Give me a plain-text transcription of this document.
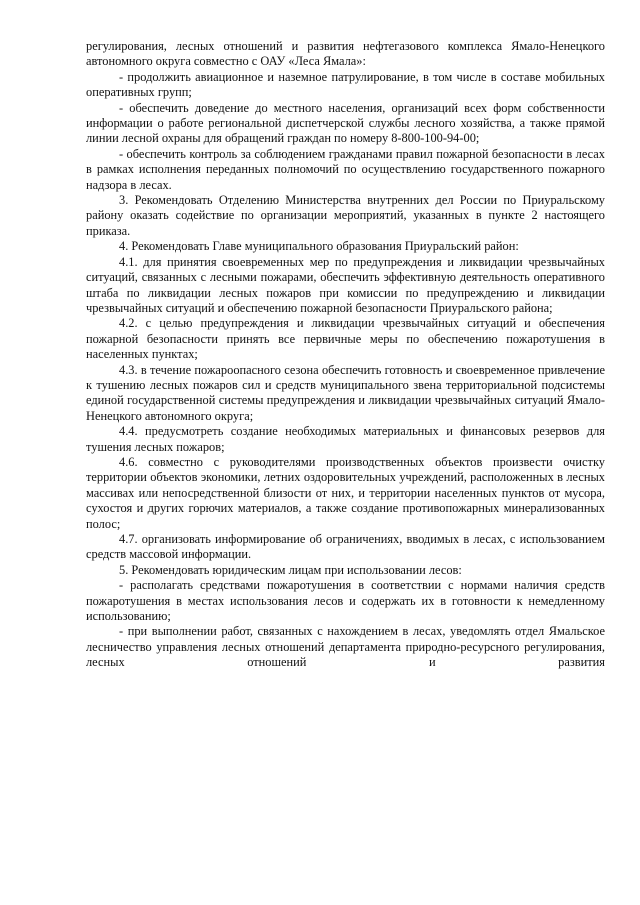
регулирования, лесных отношений и развития нефтегазового комплекса Ямало-Ненецкого автономного округа совместно с ОАУ «Леса Ямала»:

- продолжить авиационное и наземное патрулирование, в том числе в составе мобильных оперативных групп;

- обеспечить доведение до местного населения, организаций всех форм собственности информации о работе региональной диспетчерской службы лесного хозяйства, а также прямой линии лесной охраны для обращений граждан по номеру 8-800-100-94-00;

- обеспечить контроль за соблюдением гражданами правил пожарной безопасности в лесах в рамках исполнения переданных полномочий по осуществлению государственного пожарного надзора в лесах.

3. Рекомендовать Отделению Министерства внутренних дел России по Приуральскому району оказать содействие по организации мероприятий, указанных в пункте 2 настоящего приказа.

4. Рекомендовать Главе муниципального образования Приуральский район:

4.1. для принятия своевременных мер по предупреждения и ликвидации чрезвычайных ситуаций, связанных с лесными пожарами, обеспечить эффективную деятельность оперативного штаба по ликвидации лесных пожаров при комиссии по предупреждению и ликвидации чрезвычайных ситуаций и обеспечению пожарной безопасности Приуральского района;

4.2. с целью предупреждения и ликвидации чрезвычайных ситуаций и обеспечения пожарной безопасности принять все первичные меры по обеспечению пожаротушения в населенных пунктах;

4.3. в течение пожароопасного сезона обеспечить готовность и своевременное привлечение к тушению лесных пожаров сил и средств муниципального звена территориальной подсистемы единой государственной системы предупреждения и ликвидации чрезвычайных ситуаций Ямало-Ненецкого автономного округа;

4.4. предусмотреть создание необходимых материальных и финансовых резервов для тушения лесных пожаров;

4.6. совместно с руководителями производственных объектов произвести очистку территории объектов экономики, летних оздоровительных учреждений, расположенных в лесных массивах или непосредственной близости от них, и территории населенных пунктов от мусора, сухостоя и других горючих материалов, а также создание противопожарных минерализованных полос;

4.7. организовать информирование об ограничениях, вводимых в лесах, с использованием средств массовой информации.

5. Рекомендовать юридическим лицам при использовании лесов:

- располагать средствами пожаротушения в соответствии с нормами наличия средств пожаротушения в местах использования лесов и содержать их в готовности к немедленному использованию;

- при выполнении работ, связанных с нахождением в лесах, уведомлять отдел Ямальское лесничество управления лесных отношений департамента природно-ресурсного регулирования, лесных отношений и развития
